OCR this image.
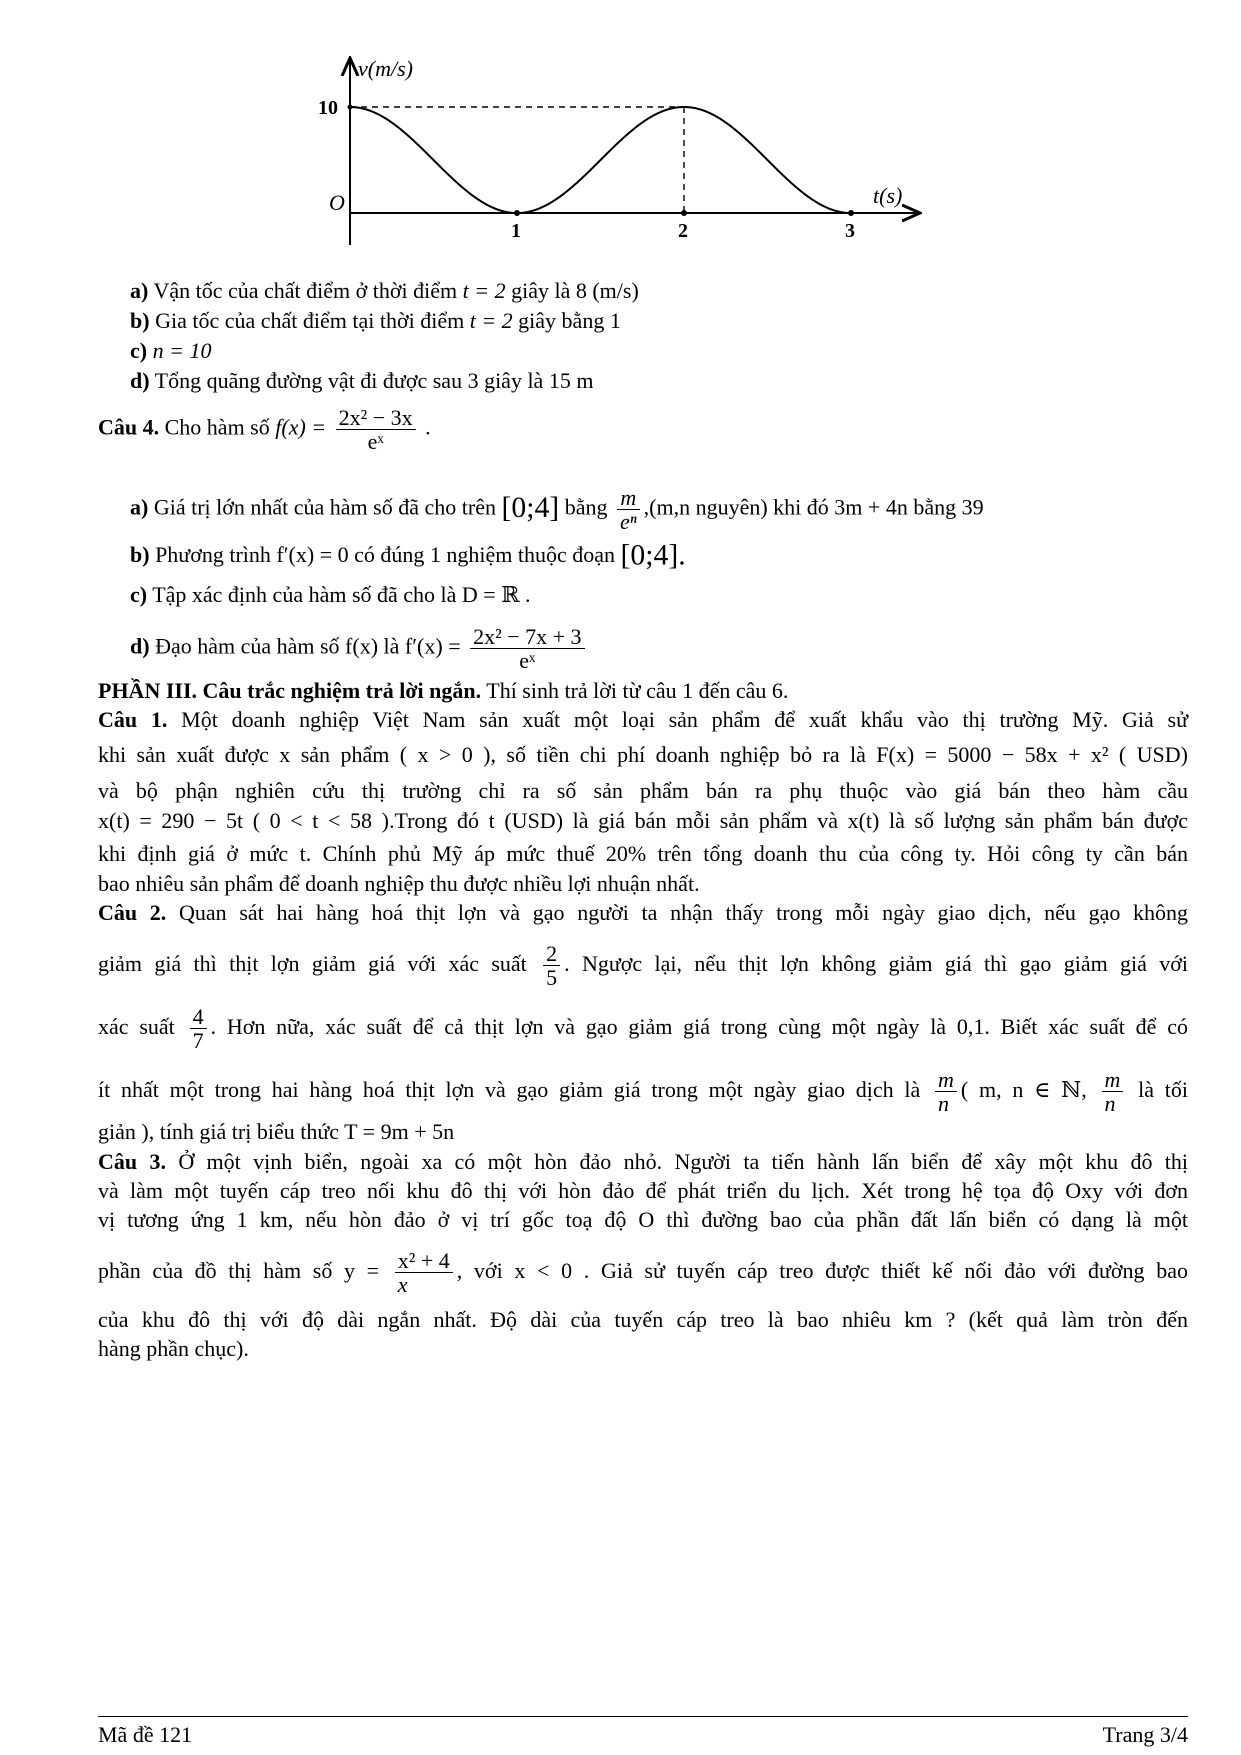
v(m/s)
t(s)
O
10
1	2	3
a) Vận tốc của chất điểm ở thời điểm t = 2 giây là 8 (m/s)
b) Gia tốc của chất điểm tại thời điểm t = 2 giây bằng 1
c) n = 10
d) Tổng quãng đường vật đi được sau 3 giây là 15 m
Câu 4. Cho hàm số $f(x) = \frac{\text{2x² − 3x}}{\text{eˣ}}$ .
a) Giá trị lớn nhất của hàm số đã cho trên [0;4] bằng $\frac{m}{\text{eⁿ}} ,(m,n$ nguyên) khi đó 3m + 4n bằng 39
b) Phương trình f′(x) = 0 có đúng 1 nghiệm thuộc đoạn [0;4].
c) Tập xác định của hàm số đã cho là D = ℝ .
d) Đạo hàm của hàm số f(x) là $f'(x) = \frac{\text{2x² − 7x + 3}}{\text{eˣ}}$
PHẦN III. Câu trắc nghiệm trả lời ngắn. Thí sinh trả lời từ câu 1 đến câu 6.
Câu 1. Một doanh nghiệp Việt Nam sản xuất một loại sản phẩm để xuất khẩu vào thị trường Mỹ. Giả sử
khi sản xuất được x sản phẩm ( x > 0 ), số tiền chi phí doanh nghiệp bỏ ra là F(x) = 5000 − 58x + x² ( USD)
và bộ phận nghiên cứu thị trường chỉ ra số sản phẩm bán ra phụ thuộc vào giá bán theo hàm cầu
x(t) = 290 − 5t ( 0 < t < 58 ).Trong đó t (USD) là giá bán mỗi sản phẩm và x(t) là số lượng sản phẩm bán được
khi định giá ở mức t. Chính phủ Mỹ áp mức thuế 20% trên tổng doanh thu của công ty. Hỏi công ty cần bán
bao nhiêu sản phẩm để doanh nghiệp thu được nhiều lợi nhuận nhất.
Câu 2. Quan sát hai hàng hoá thịt lợn và gạo người ta nhận thấy trong mỗi ngày giao dịch, nếu gạo không
giảm giá thì thịt lợn giảm giá với xác suất $\frac{2}{5}$ . Ngược lại, nếu thịt lợn không giảm giá thì gạo giảm giá với
xác suất $\frac{4}{7}$ . Hơn nữa, xác suất để cả thịt lợn và gạo giảm giá trong cùng một ngày là 0,1. Biết xác suất để có
ít nhất một trong hai hàng hoá thịt lợn và gạo giảm giá trong một ngày giao dịch là $\frac{m}{n}$ ( m, n ∈ ℕ, $\frac{m}{n}$ là tối
giản ), tính giá trị biểu thức T = 9m + 5n
Câu 3. Ở một vịnh biển, ngoài xa có một hòn đảo nhỏ. Người ta tiến hành lấn biển để xây một khu đô thị
và làm một tuyến cáp treo nối khu đô thị với hòn đảo để phát triển du lịch. Xét trong hệ tọa độ Oxy với đơn
vị tương ứng 1 km, nếu hòn đảo ở vị trí gốc toạ độ O thì đường bao của phần đất lấn biển có dạng là một
phần của đồ thị hàm số $y = \frac{\text{x² + 4}}{x}$ , với x < 0 . Giả sử tuyến cáp treo được thiết kế nối đảo với đường bao
của khu đô thị với độ dài ngắn nhất. Độ dài của tuyến cáp treo là bao nhiêu km ? (kết quả làm tròn đến
hàng phần chục).
Mã đề 121	Trang 3/4
